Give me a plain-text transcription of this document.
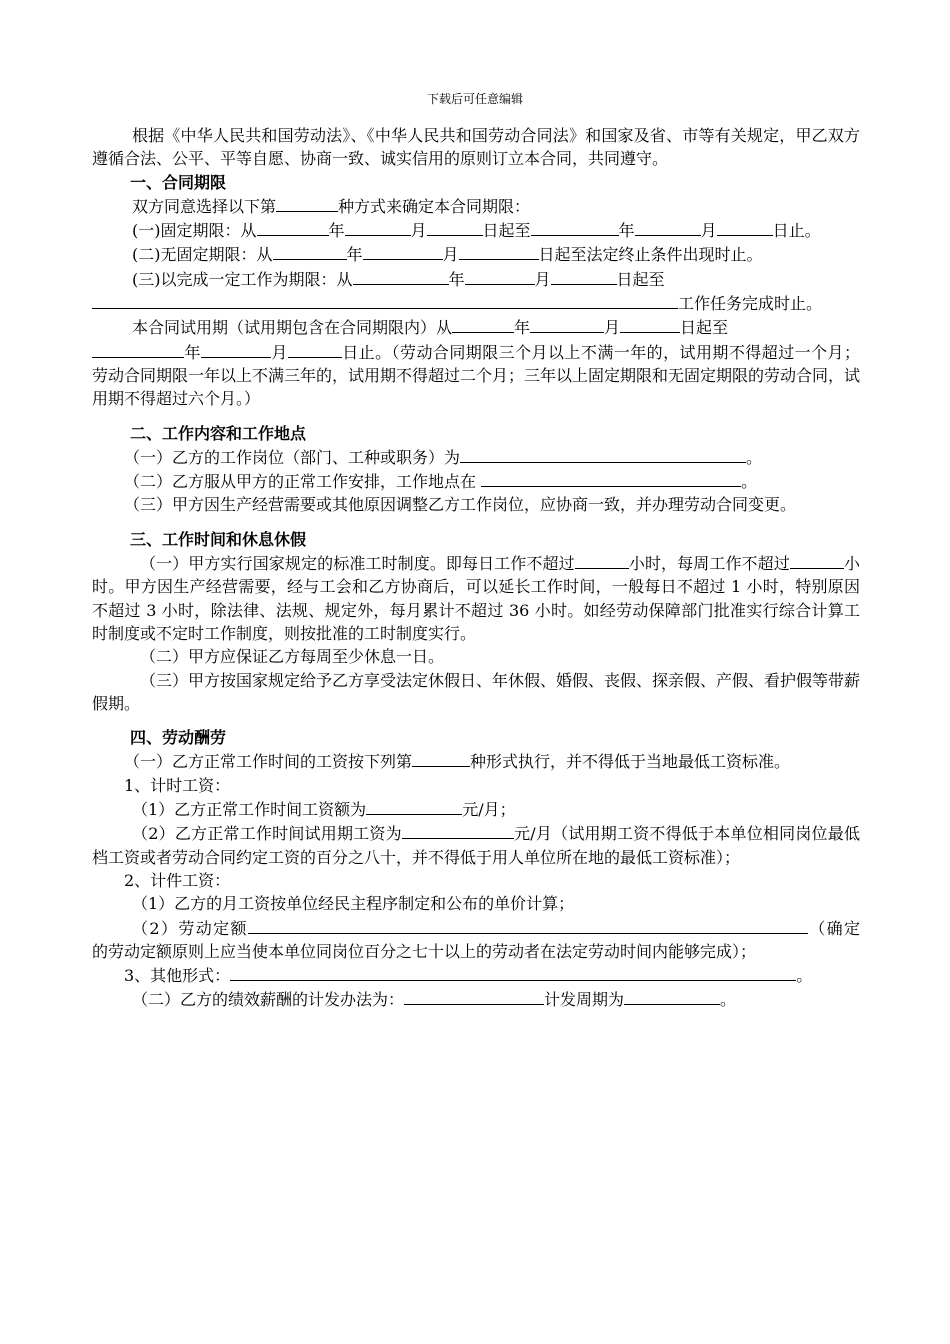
下载后可任意编辑

根据《中华人民共和国劳动法》、《中华人民共和国劳动合同法》和国家及省、市等有关规定，甲乙双方遵循合法、公平、平等自愿、协商一致、诚实信用的原则订立本合同，共同遵守。

一、合同期限

双方同意选择以下第	种方式来确定本合同期限：

(一)固定期限：从	年	月	日起至	年	月	日止。

(二)无固定期限：从	年	月	日起至法定终止条件出现时止。

(三)以完成一定工作为期限：从	年	月	日起至

工作任务完成时止。

本合同试用期（试用期包含在合同期限内）从	年	月	日起至
年	月	日止。（劳动合同期限三个月以上不满一年的，试用期不得超过一个月；劳动合同期限一年以上不满三年的，试用期不得超过二个月；三年以上固定期限和无固定期限的劳动合同，试用期不得超过六个月。）

二、工作内容和工作地点

（一）乙方的工作岗位（部门、工种或职务）为	。

（二）乙方服从甲方的正常工作安排，工作地点在	。

（三）甲方因生产经营需要或其他原因调整乙方工作岗位，应协商一致，并办理劳动合同变更。

三、工作时间和休息休假

（一）甲方实行国家规定的标准工时制度。即每日工作不超过	小时，每周工作不超过	小时。甲方因生产经营需要，经与工会和乙方协商后，可以延长工作时间，一般每日不超过 1 小时，特别原因不超过 3 小时，除法律、法规、规定外，每月累计不超过 36 小时。如经劳动保障部门批准实行综合计算工时制度或不定时工作制度，则按批准的工时制度实行。

（二）甲方应保证乙方每周至少休息一日。

（三）甲方按国家规定给予乙方享受法定休假日、年休假、婚假、丧假、探亲假、产假、看护假等带薪假期。

四、劳动酬劳

（一）乙方正常工作时间的工资按下列第	种形式执行，并不得低于当地最低工资标准。

1、计时工资：

（1）乙方正常工作时间工资额为	元/月；

（2）乙方正常工作时间试用期工资为	元/月（试用期工资不得低于本单位相同岗位最低档工资或者劳动合同约定工资的百分之八十，并不得低于用人单位所在地的最低工资标准）；

2、计件工资：

（1）乙方的月工资按单位经民主程序制定和公布的单价计算；

（2）劳动定额	（确定的劳动定额原则上应当使本单位同岗位百分之七十以上的劳动者在法定劳动时间内能够完成）；

3、其他形式：	。

（二）乙方的绩效薪酬的计发办法为：	计发周期为	。
